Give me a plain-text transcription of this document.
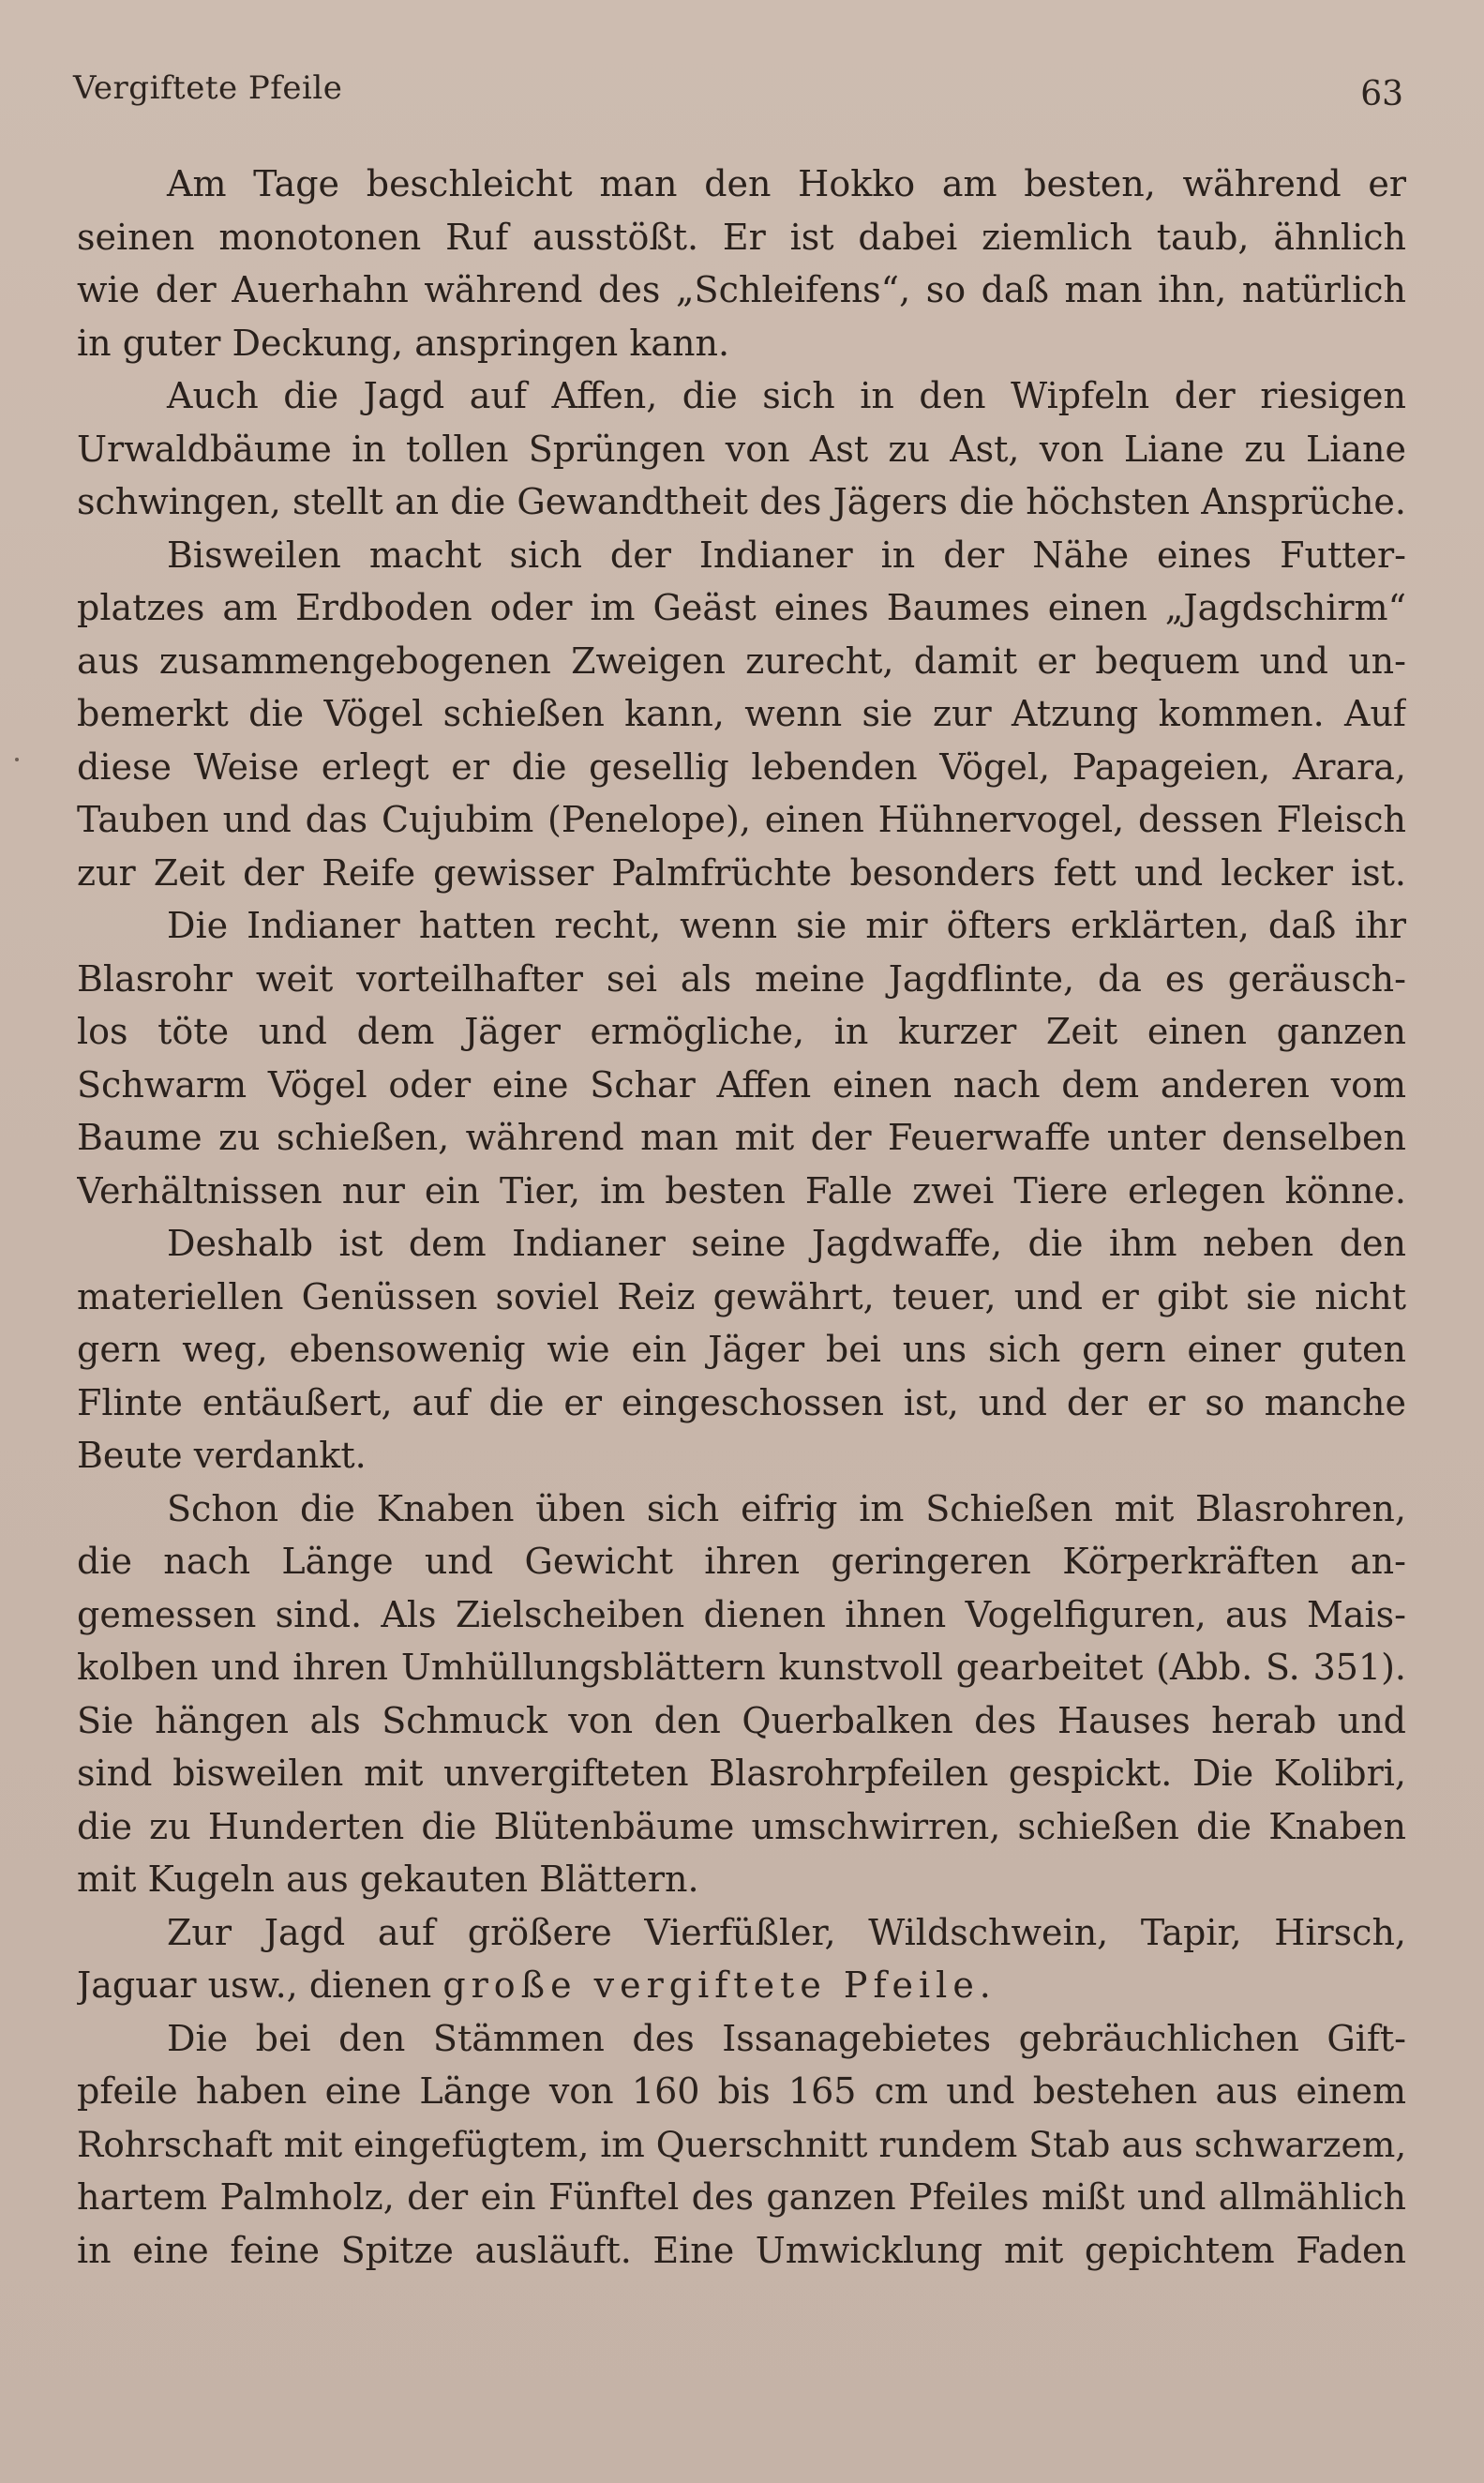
Vergiftete Pfeile	63
Am Tage beschleicht man den Hokko am besten, während er
seinen monotonen Ruf ausstößt. Er ist dabei ziemlich taub, ähnlich
wie der Auerhahn während des „Schleifens“, so daß man ihn, natürlich
in guter Deckung, anspringen kann.
Auch die Jagd auf Affen, die sich in den Wipfeln der riesigen
Urwaldbäume in tollen Sprüngen von Ast zu Ast, von Liane zu Liane
schwingen, stellt an die Gewandtheit des Jägers die höchsten Ansprüche.
Bisweilen macht sich der Indianer in der Nähe eines Futter-
platzes am Erdboden oder im Geäst eines Baumes einen „Jagdschirm“
aus zusammengebogenen Zweigen zurecht, damit er bequem und un-
bemerkt die Vögel schießen kann, wenn sie zur Atzung kommen. Auf
diese Weise erlegt er die gesellig lebenden Vögel, Papageien, Arara,
Tauben und das Cujubim (Penelope), einen Hühnervogel, dessen Fleisch
zur Zeit der Reife gewisser Palmfrüchte besonders fett und lecker ist.
Die Indianer hatten recht, wenn sie mir öfters erklärten, daß ihr
Blasrohr weit vorteilhafter sei als meine Jagdflinte, da es geräusch-
los töte und dem Jäger ermögliche, in kurzer Zeit einen ganzen
Schwarm Vögel oder eine Schar Affen einen nach dem anderen vom
Baume zu schießen, während man mit der Feuerwaffe unter denselben
Verhältnissen nur ein Tier, im besten Falle zwei Tiere erlegen könne.
Deshalb ist dem Indianer seine Jagdwaffe, die ihm neben den
materiellen Genüssen soviel Reiz gewährt, teuer, und er gibt sie nicht
gern weg, ebensowenig wie ein Jäger bei uns sich gern einer guten
Flinte entäußert, auf die er eingeschossen ist, und der er so manche
Beute verdankt.
Schon die Knaben üben sich eifrig im Schießen mit Blasrohren,
die nach Länge und Gewicht ihren geringeren Körperkräften an-
gemessen sind. Als Zielscheiben dienen ihnen Vogelfiguren, aus Mais-
kolben und ihren Umhüllungsblättern kunstvoll gearbeitet (Abb. S. 351).
Sie hängen als Schmuck von den Querbalken des Hauses herab und
sind bisweilen mit unvergifteten Blasrohrpfeilen gespickt. Die Kolibri,
die zu Hunderten die Blütenbäume umschwirren, schießen die Knaben
mit Kugeln aus gekauten Blättern.
Zur Jagd auf größere Vierfüßler, Wildschwein, Tapir, Hirsch,
Jaguar usw., dienen große vergiftete Pfeile.
Die bei den Stämmen des Issanagebietes gebräuchlichen Gift-
pfeile haben eine Länge von 160 bis 165 cm und bestehen aus einem
Rohrschaft mit eingefügtem, im Querschnitt rundem Stab aus schwarzem,
hartem Palmholz, der ein Fünftel des ganzen Pfeiles mißt und allmählich
in eine feine Spitze ausläuft. Eine Umwicklung mit gepichtem Faden
